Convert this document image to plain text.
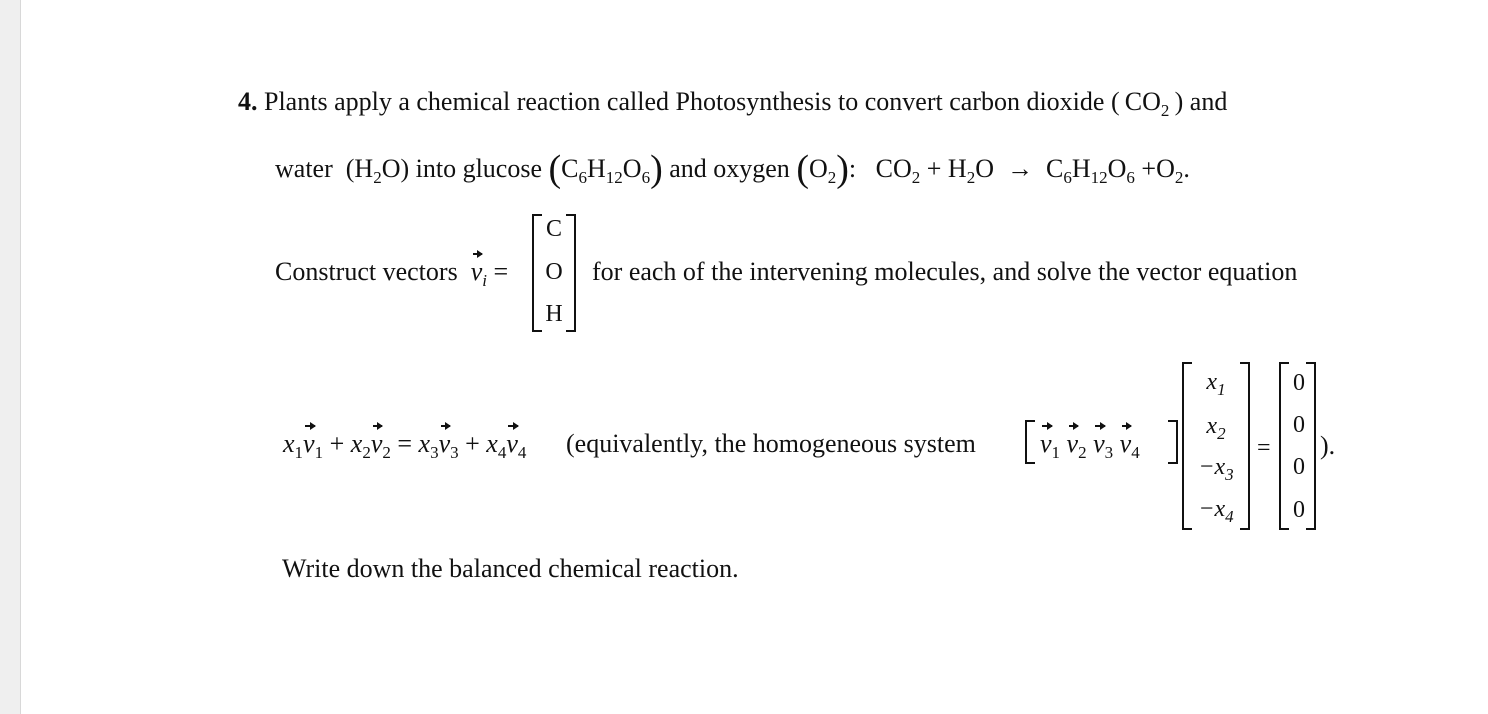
4. Plants apply a chemical reaction called Photosynthesis to convert carbon dioxide ( $CO_2$ ) and
water  $(H_2O)$ into glucose $(C_6H_{12}O_6)$ and oxygen $(O_2)$:   $CO_2 + H_2O \to C_6H_{12}O_6 +O_2$.
Construct vectors $v_i$ =
C
O
H
for each of the intervening molecules, and solve the vector equation
$x_1v_1 + x_2v_2 = x_3v_3 + x_4v_4$ (equivalently, the homogeneous system $v_1$ $v_2$ $v_3$ $v_4$
$x_1$
$x_2$
$-x_3$
$-x_4$
=
0
0
0
0
).
Write down the balanced chemical reaction.
